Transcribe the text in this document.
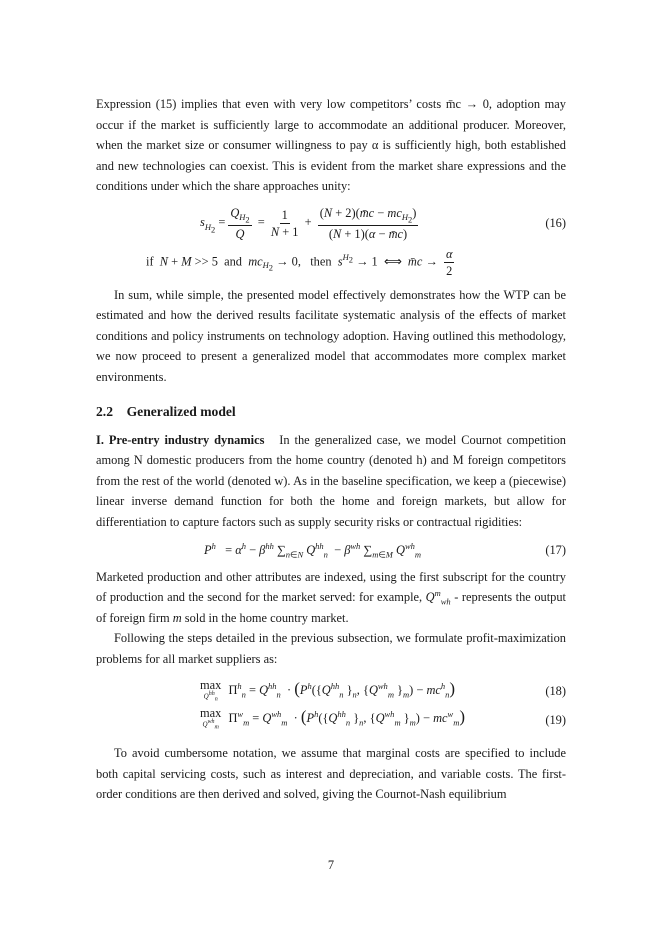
Expression (15) implies that even with very low competitors’ costs m̄c → 0, adoption may occur if the market is sufficiently large to accommodate an additional producer. Moreover, when the market size or consumer willingness to pay α is sufficiently high, both established and new technologies can coexist. This is evident from the market share expressions and the conditions under which the share approaches unity:

$s_{H_2} = \frac{Q_{H_2}}{Q} = \frac{1}{N + 1} + \frac{(N + 2)(m̄c - mc_{H_2})}{(N + 1)(\alpha - m̄c)}$	(16)
if  N + M >> 5  and  $mc_{H_2} \to 0$,   then  $s^{H_2} \to 1$  ⟺  m̄c → $\frac{\alpha}{2}$

In sum, while simple, the presented model effectively demonstrates how the WTP can be estimated and how the derived results facilitate systematic analysis of the effects of market conditions and policy instruments on technology adoption. Having outlined this methodology, we now proceed to present a generalized model that accommodates more complex market environments.

2.2 Generalized model

I. Pre-entry industry dynamics In the generalized case, we model Cournot competition among N domestic producers from the home country (denoted h) and M foreign competitors from the rest of the world (denoted w). As in the baseline specification, we keep a (piecewise) linear inverse demand function for both the home and foreign markets, but allow for differentiation to capture factors such as supply security risks or contractual rigidities:

$P^h = \alpha^h - \beta^{hh}$ $\sum_{n\in N}$ $Q^{hh}_n - \beta^{wh}$ $\sum_{m\in M}$ $Q^{wh}_m$	(17)

Marketed production and other attributes are indexed, using the first subscript for the country of production and the second for the market served: for example, $Q^m_{wh}$ - represents the output of foreign firm m sold in the home country market.

Following the steps detailed in the previous subsection, we formulate profit-maximization problems for all market suppliers as:

max
$Q^{hh}_n$
$\Pi^h_n = Q^{hh}_n \cdot (P^h(\{Q^{hh}_n$ }$_n$, {$Q^{wh}_m$ }$_m) - mc^h_n$)	(18)
max
$Q^{wh}_m$
$\Pi^w_m = Q^{wh}_m \cdot (P^h(\{Q^{hh}_n$ }$_n$, {$Q^{wh}_m$ }$_m) - mc^w_m$)	(19)

To avoid cumbersome notation, we assume that marginal costs are specified to include both capital servicing costs, such as interest and depreciation, and variable costs. The first-order conditions are then derived and solved, giving the Cournot-Nash equilibrium

7
